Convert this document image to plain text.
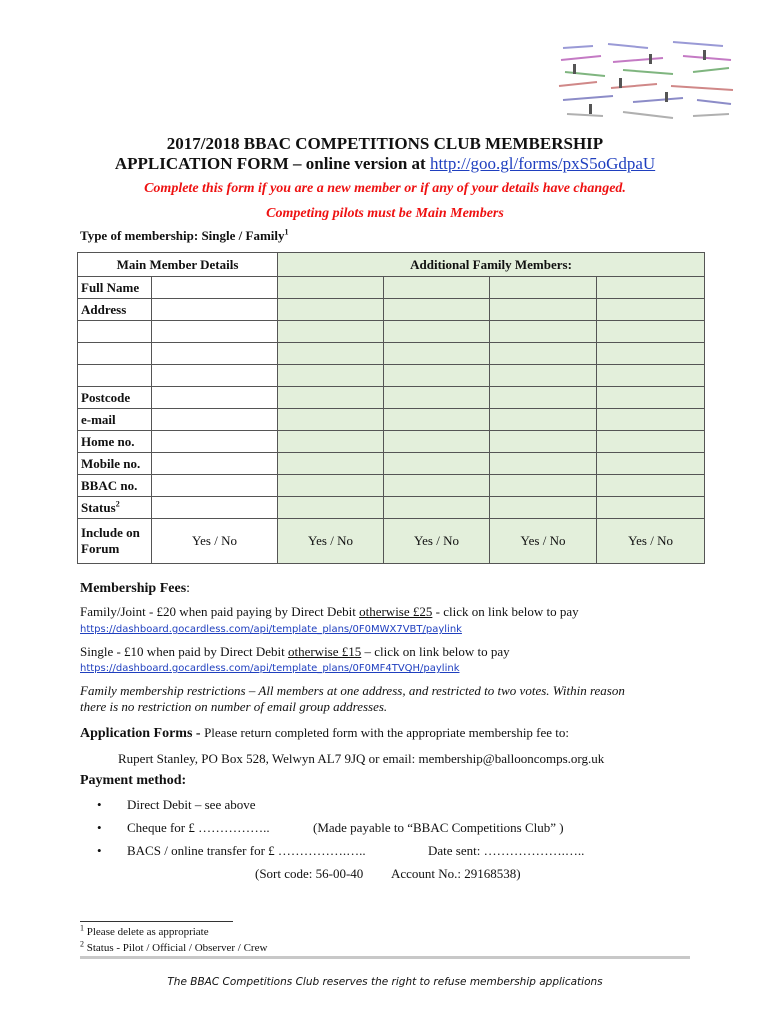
2017/2018 BBAC COMPETITIONS CLUB MEMBERSHIP
APPLICATION FORM – online version at http://goo.gl/forms/pxS5oGdpaU
Complete this form if you are a new member or if any of your details have changed.
Competing pilots must be Main Members
Type of membership: Single / Family$^1$
Main Member Details		Additional Family Members:			
Full Name					
Address					

Postcode					
e-mail					
Home no.					
Mobile no.					
BBAC no.					
Status$^2$					
Include on Forum	Yes / No	Yes / No	Yes / No	Yes / No	Yes / No
Membership Fees:
Family/Joint - £20 when paid paying by Direct Debit otherwise £25 - click on link below to pay
https://dashboard.gocardless.com/api/template_plans/0F0MWX7VBT/paylink
Single - £10 when paid by Direct Debit otherwise £15 – click on link below to pay
https://dashboard.gocardless.com/api/template_plans/0F0MF4TVQH/paylink
Family membership restrictions – All members at one address, and restricted to two votes. Within reason
there is no restriction on number of email group addresses.
Application Forms - Please return completed form with the appropriate membership fee to:
Rupert Stanley, PO Box 528, Welwyn AL7 9JQ or email: membership@ballooncomps.org.uk
Payment method:
• Direct Debit – see above
• Cheque for £ ……………..	(Made payable to “BBAC Competitions Club” )
• BACS / online transfer for £ …………….…..	Date sent: ……………….…..
(Sort code: 56-00-40 Account No.: 29168538)
$^1$ Please delete as appropriate
$^2$ Status - Pilot / Official / Observer / Crew
The BBAC Competitions Club reserves the right to refuse membership applications
